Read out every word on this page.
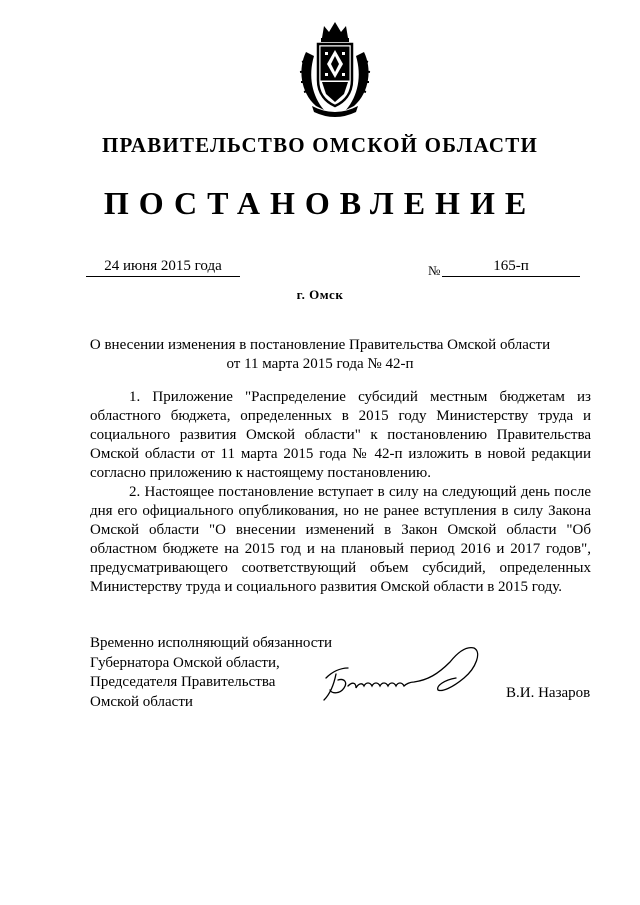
ПРАВИТЕЛЬСТВО ОМСКОЙ ОБЛАСТИ
ПОСТАНОВЛЕНИЕ
24 июня 2015 года	№	165-п
г. Омск
О внесении изменения в постановление Правительства Омской области
от 11 марта 2015 года № 42-п

1. Приложение "Распределение субсидий местным бюджетам из областного бюджета, определенных в 2015 году Министерству труда и социального развития Омской области" к постановлению Правительства Омской области от 11 марта 2015 года № 42-п изложить в новой редакции согласно приложению к настоящему постановлению.

2. Настоящее постановление вступает в силу на следующий день после дня его официального опубликования, но не ранее вступления в силу Закона Омской области "О внесении изменений в Закон Омской области "Об областном бюджете на 2015 год и на плановый период 2016 и 2017 годов", предусматривающего соответствующий объем субсидий, определенных Министерству труда и социального развития Омской области в 2015 году.

Временно исполняющий обязанности
Губернатора Омской области,
Председателя Правительства
Омской области
В.И. Назаров
